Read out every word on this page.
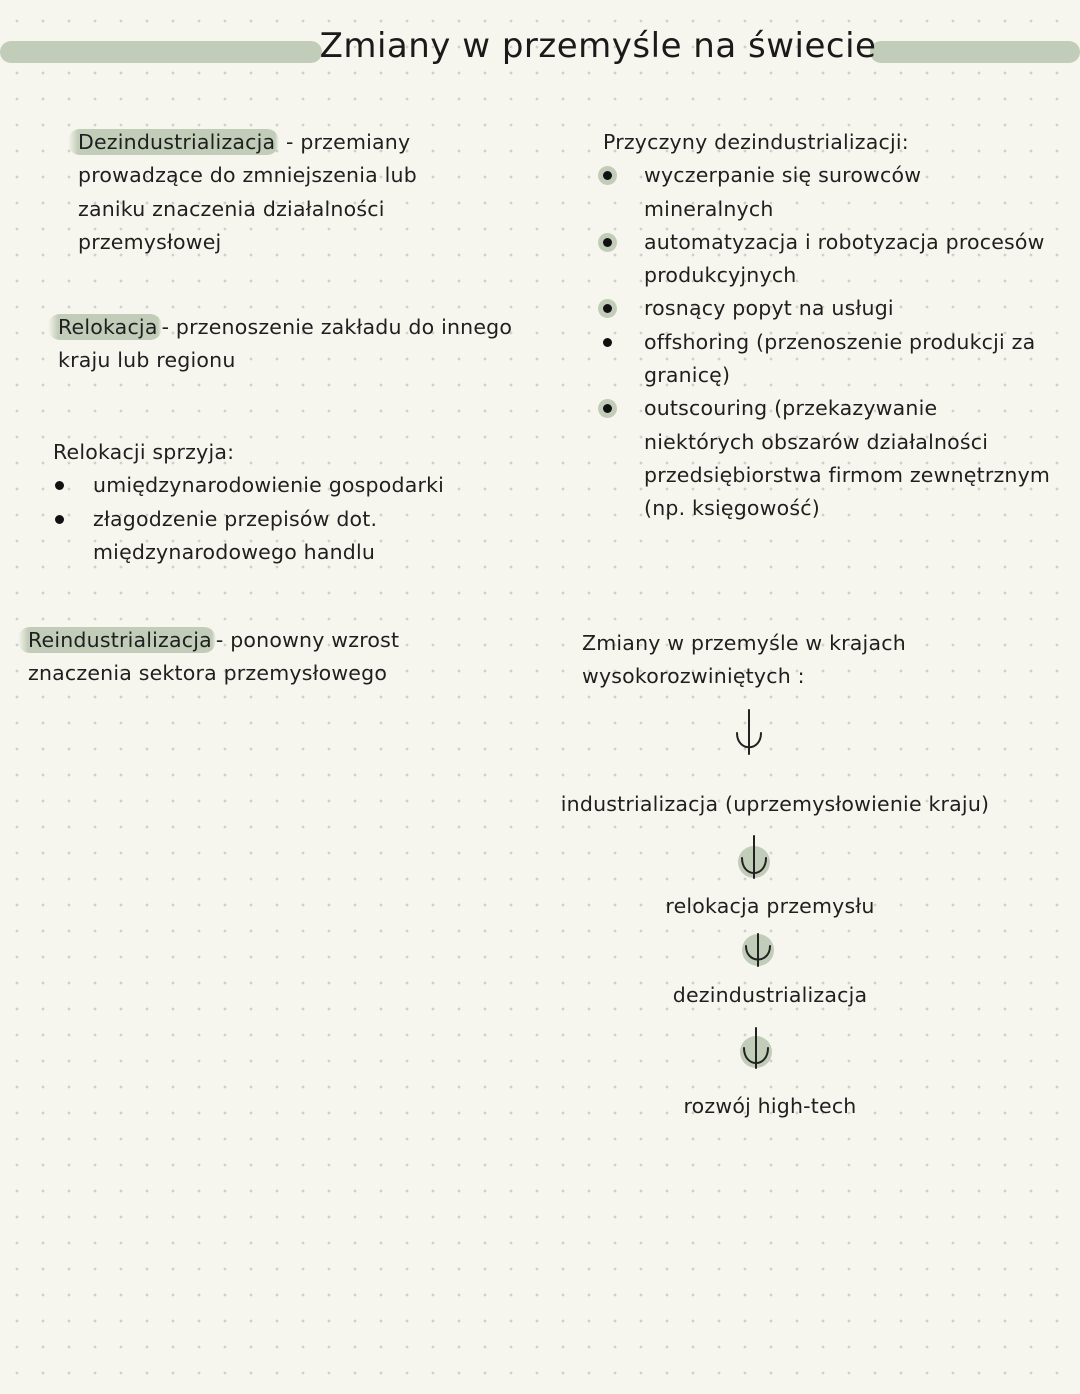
Zmiany w przemyśle na świecie
Dezindustrializacja - przemiany prowadzące do zmniejszenia lub zaniku znaczenia działalności przemysłowej
Relokacja - przenoszenie zakładu do innego kraju lub regionu
Relokacji sprzyja:
umiędzynarodowienie gospodarki
złagodzenie przepisów dot. międzynarodowego handlu
Reindustrializacja - ponowny wzrost znaczenia sektora przemysłowego
Przyczyny dezindustrializacji:
wyczerpanie się surowców mineralnych
automatyzacja i robotyzacja procesów produkcyjnych
rosnący popyt na usługi
offshoring (przenoszenie produkcji za granicę)
outscouring (przekazywanie niektórych obszarów działalności przedsiębiorstwa firmom zewnętrznym (np. księgowość)
Zmiany w przemyśle w krajach wysokorozwiniętych :
industrializacja (uprzemysłowienie kraju)
relokacja przemysłu
dezindustrializacja
rozwój high-tech
